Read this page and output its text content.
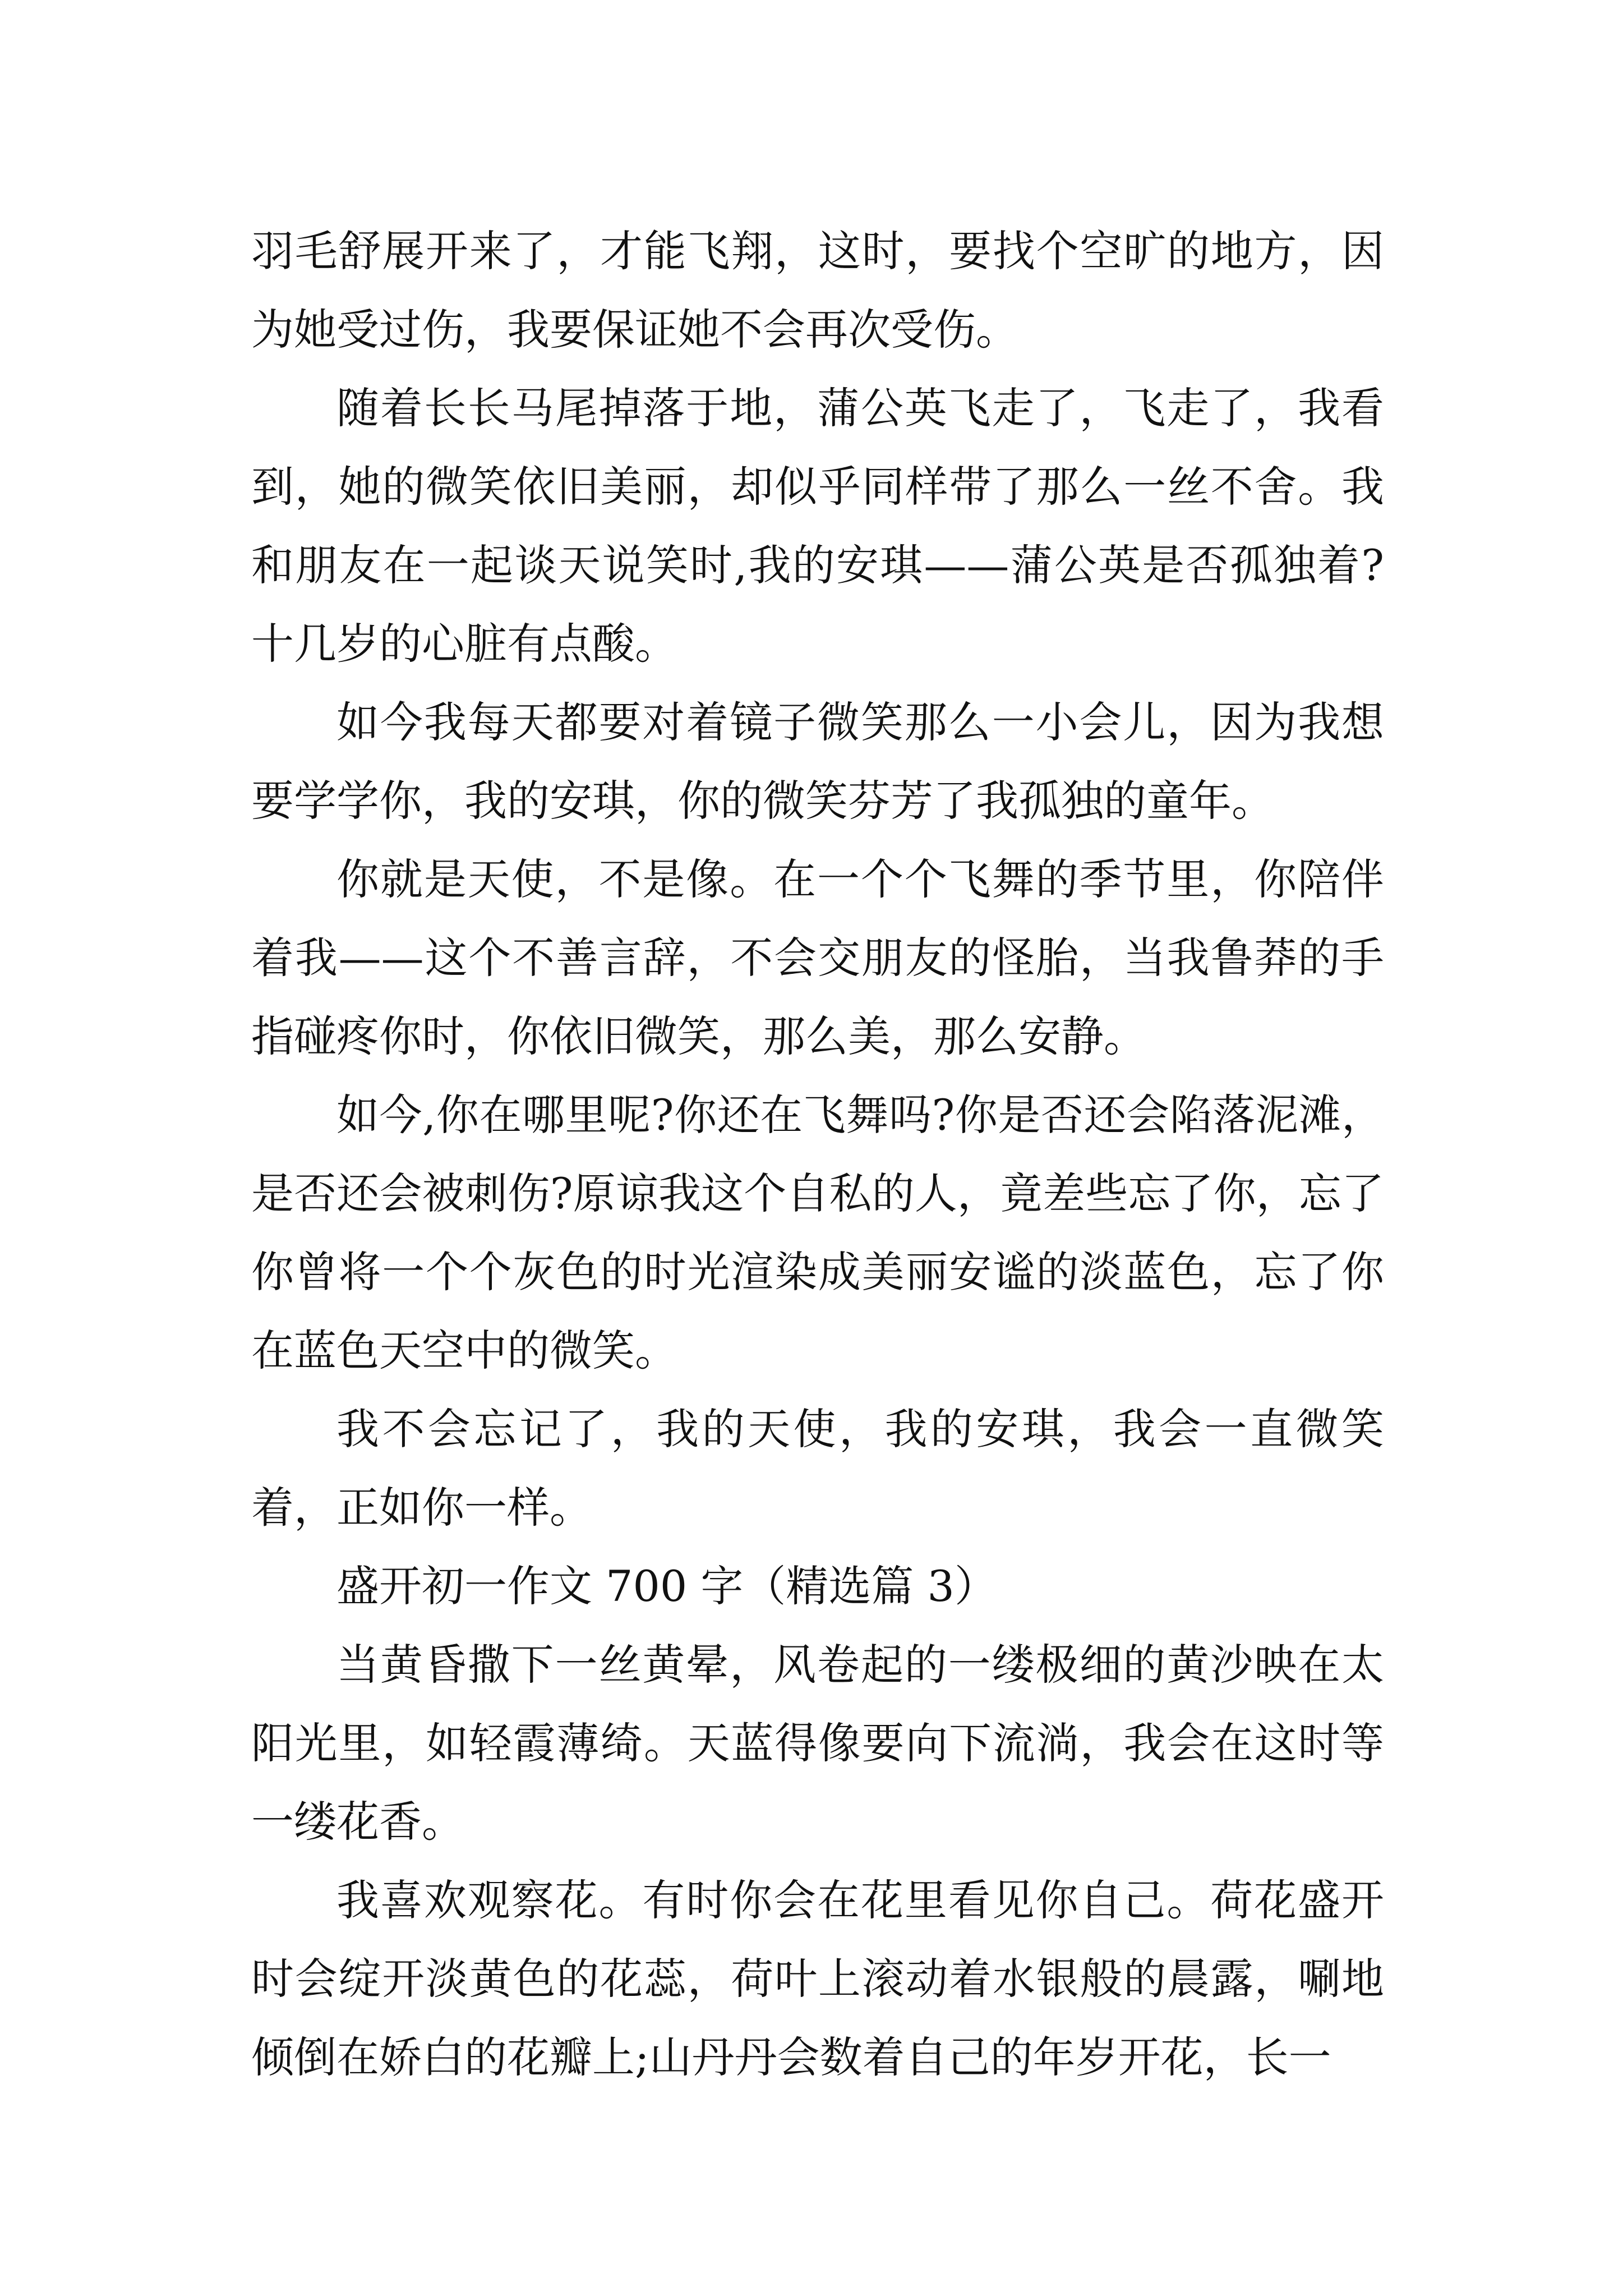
羽毛舒展开来了，才能飞翔，这时，要找个空旷的地方，因为她受过伤，我要保证她不会再次受伤。

随着长长马尾掉落于地，蒲公英飞走了，飞走了，我看到，她的微笑依旧美丽，却似乎同样带了那么一丝不舍。我和朋友在一起谈天说笑时,我的安琪——蒲公英是否孤独着?十几岁的心脏有点酸。

如今我每天都要对着镜子微笑那么一小会儿，因为我想要学学你，我的安琪，你的微笑芬芳了我孤独的童年。

你就是天使，不是像。在一个个飞舞的季节里，你陪伴着我——这个不善言辞，不会交朋友的怪胎，当我鲁莽的手指碰疼你时，你依旧微笑，那么美，那么安静。

如今,你在哪里呢?你还在飞舞吗?你是否还会陷落泥滩，是否还会被刺伤?原谅我这个自私的人，竟差些忘了你，忘了你曾将一个个灰色的时光渲染成美丽安谧的淡蓝色，忘了你在蓝色天空中的微笑。

我不会忘记了，我的天使，我的安琪，我会一直微笑着，正如你一样。

盛开初一作文 700 字（精选篇 3）

当黄昏撒下一丝黄晕，风卷起的一缕极细的黄沙映在太阳光里，如轻霞薄绮。天蓝得像要向下流淌，我会在这时等一缕花香。

我喜欢观察花。有时你会在花里看见你自己。荷花盛开时会绽开淡黄色的花蕊，荷叶上滚动着水银般的晨露，唰地倾倒在娇白的花瓣上;山丹丹会数着自己的年岁开花，长一
